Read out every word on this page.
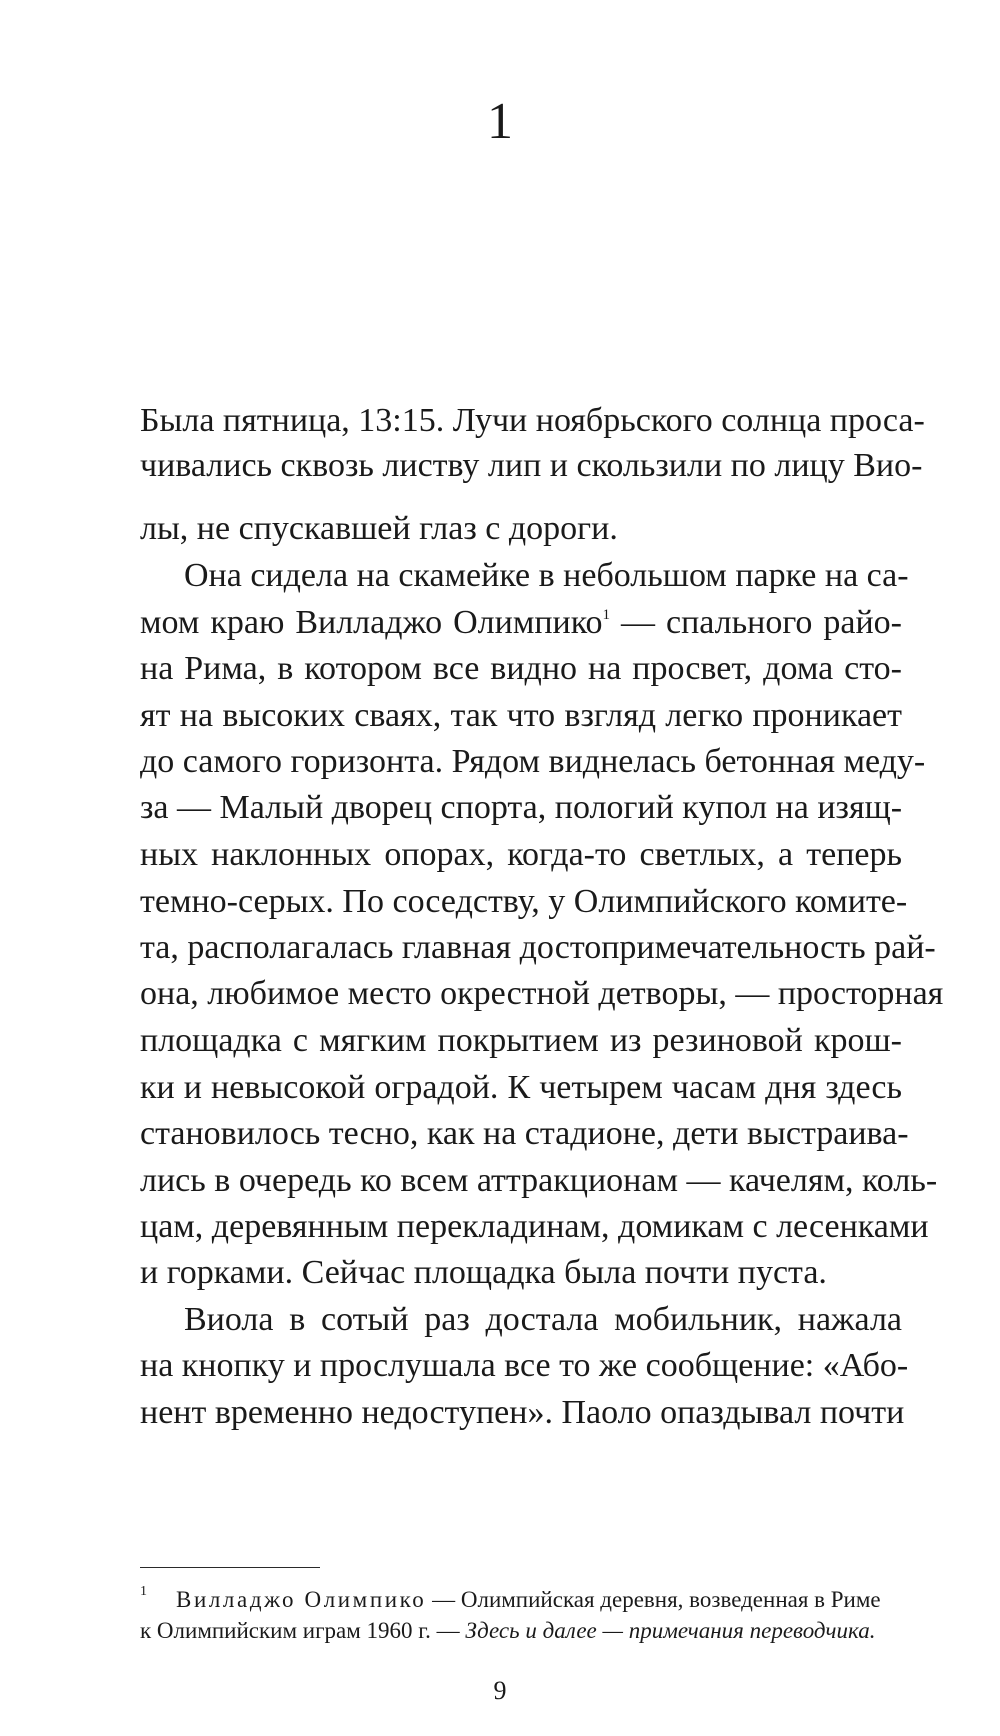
1
Была пятница, 13:15. Лучи ноябрьского солнца проса-
чивались сквозь листву лип и скользили по лицу Вио-
лы, не спускавшей глаз с дороги.
Она сидела на скамейке в небольшом парке на са-
мом краю Вилладжо Олимпико$^1$ — спального райо-
на Рима, в котором все видно на просвет, дома сто-
ят на высоких сваях, так что взгляд легко проникает
до самого горизонта. Рядом виднелась бетонная меду-
за — Малый дворец спорта, пологий купол на изящ-
ных наклонных опорах, когда-то светлых, а теперь
темно-серых. По соседству, у Олимпийского комите-
та, располагалась главная достопримечательность рай-
она, любимое место окрестной детворы, — просторная
площадка с мягким покрытием из резиновой крош-
ки и невысокой оградой. К четырем часам дня здесь
становилось тесно, как на стадионе, дети выстраива-
лись в очередь ко всем аттракционам — качелям, коль-
цам, деревянным перекладинам, домикам с лесенками
и горками. Сейчас площадка была почти пуста.
Виола в сотый раз достала мобильник, нажала
на кнопку и прослушала все то же сообщение: «Або-
нент временно недоступен». Паоло опаздывал почти
1 Вилладжо Олимпико — Олимпийская деревня, возведенная в Риме
к Олимпийским играм 1960 г. — Здесь и далее — примечания переводчика.
9
